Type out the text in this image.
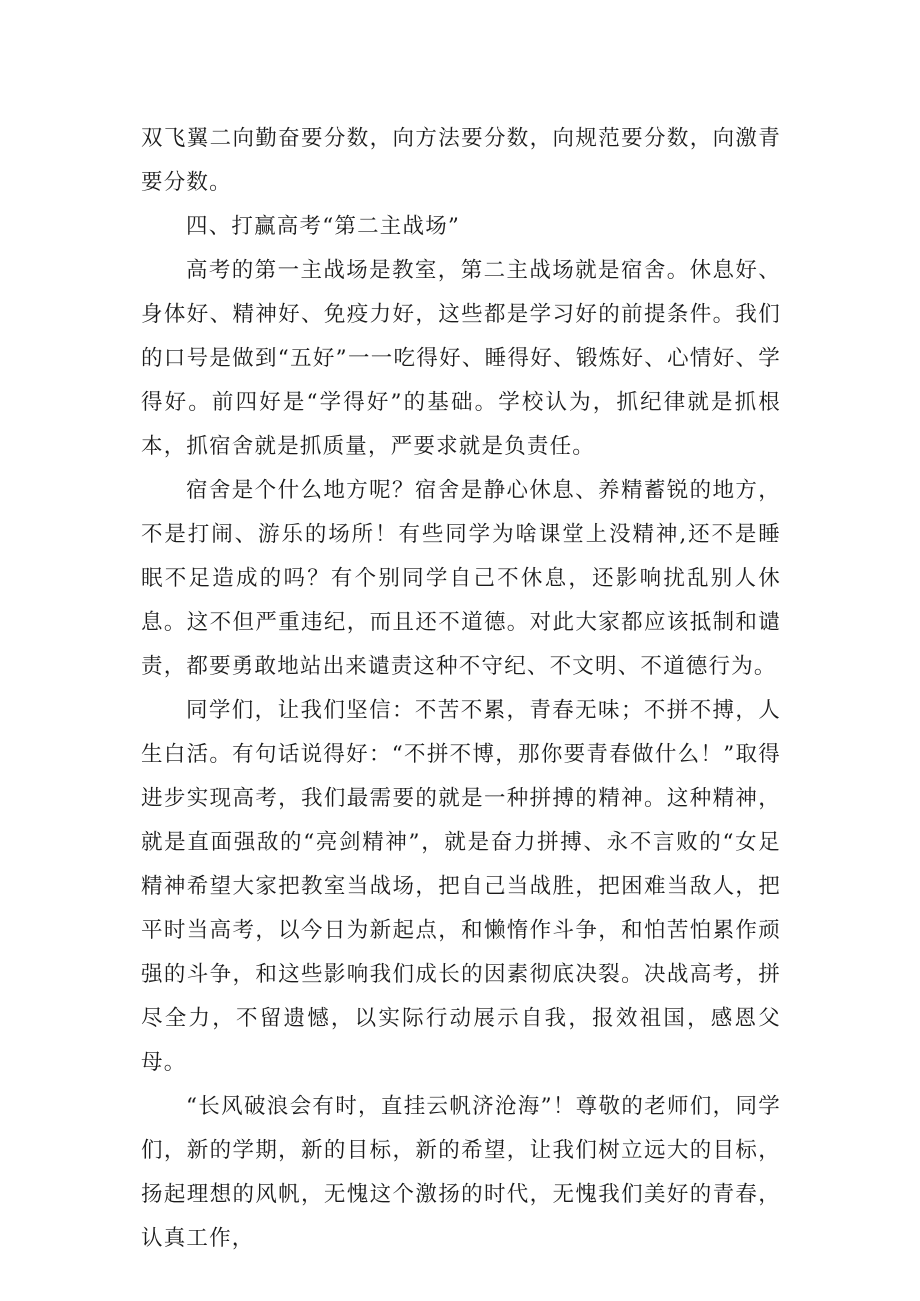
双飞翼二向勤奋要分数，向方法要分数，向规范要分数，向激青要分数。

四、打赢高考“第二主战场”

高考的第一主战场是教室，第二主战场就是宿舍。休息好、身体好、精神好、免疫力好，这些都是学习好的前提条件。我们的口号是做到“五好”一一吃得好、睡得好、锻炼好、心情好、学得好。前四好是“学得好”的基础。学校认为，抓纪律就是抓根本，抓宿舍就是抓质量，严要求就是负责任。

宿舍是个什么地方呢？宿舍是静心休息、养精蓄锐的地方，不是打闹、游乐的场所！有些同学为啥课堂上没精神,还不是睡眠不足造成的吗？有个别同学自己不休息，还影响扰乱别人休息。这不但严重违纪，而且还不道德。对此大家都应该抵制和谴责，都要勇敢地站出来谴责这种不守纪、不文明、不道德行为。

同学们，让我们坚信：不苦不累，青春无味；不拼不搏，人生白活。有句话说得好：“不拼不博，那你要青春做什么！”取得进步实现高考，我们最需要的就是一种拼搏的精神。这种精神，就是直面强敌的“亮剑精神”，就是奋力拼搏、永不言败的“女足精神希望大家把教室当战场，把自己当战胜，把困难当敌人，把平时当高考，以今日为新起点，和懒惰作斗争，和怕苦怕累作顽强的斗争，和这些影响我们成长的因素彻底决裂。决战高考，拼尽全力，不留遗憾，以实际行动展示自我，报效祖国，感恩父母。

“长风破浪会有时，直挂云帆济沧海”！尊敬的老师们，同学们，新的学期，新的目标，新的希望，让我们树立远大的目标，扬起理想的风帆，无愧这个激扬的时代，无愧我们美好的青春，认真工作，
